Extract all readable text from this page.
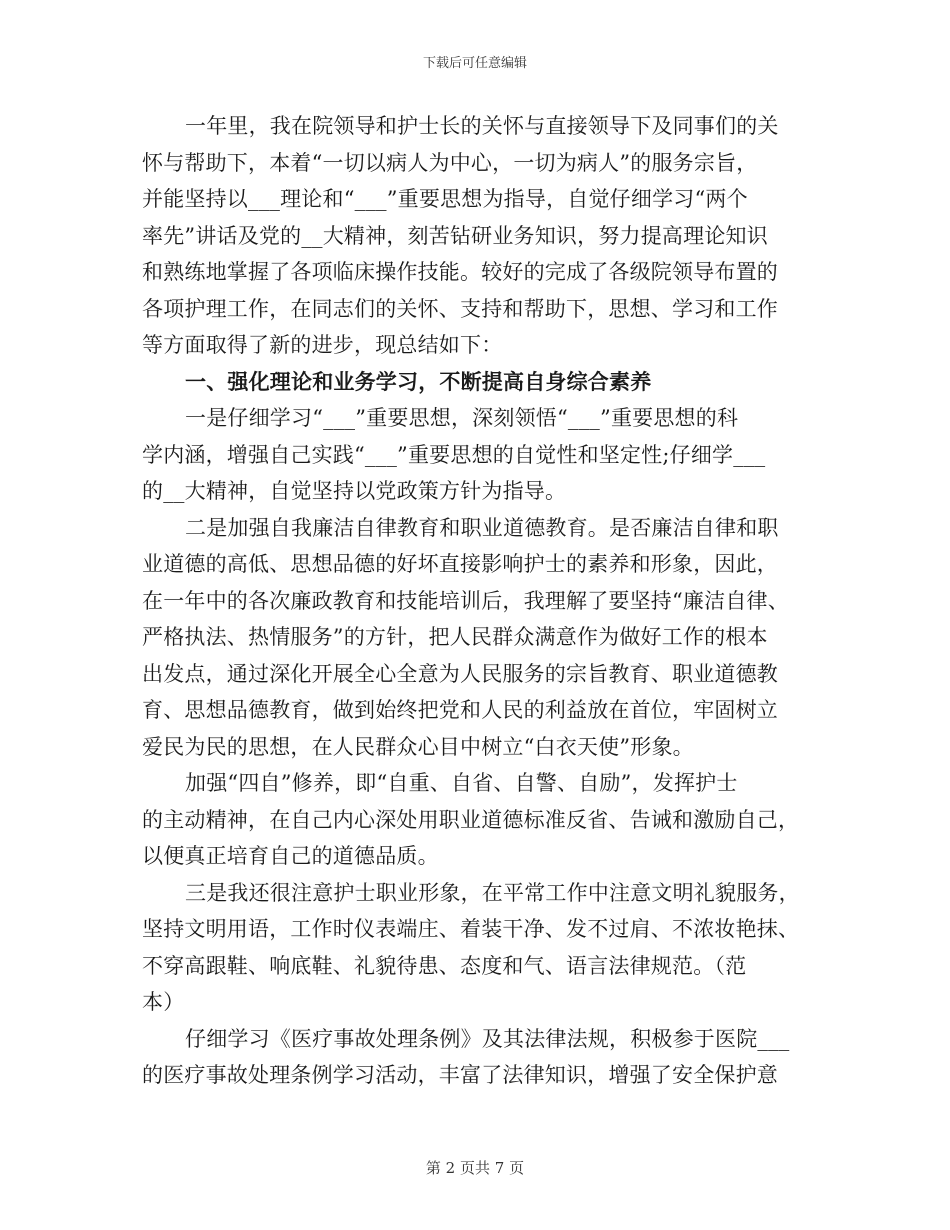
下载后可任意编辑
一年里，我在院领导和护士长的关怀与直接领导下及同事们的关
怀与帮助下，本着“一切以病人为中心，一切为病人”的服务宗旨，
并能坚持以___理论和“___”重要思想为指导，自觉仔细学习“两个
率先”讲话及党的__大精神，刻苦钻研业务知识，努力提高理论知识
和熟练地掌握了各项临床操作技能。较好的完成了各级院领导布置的
各项护理工作，在同志们的关怀、支持和帮助下，思想、学习和工作
等方面取得了新的进步，现总结如下：
一、强化理论和业务学习，不断提高自身综合素养
一是仔细学习“___”重要思想，深刻领悟“___”重要思想的科
学内涵，增强自己实践“___”重要思想的自觉性和坚定性;仔细学___
的__大精神，自觉坚持以党政策方针为指导。
二是加强自我廉洁自律教育和职业道德教育。是否廉洁自律和职
业道德的高低、思想品德的好坏直接影响护士的素养和形象，因此，
在一年中的各次廉政教育和技能培训后，我理解了要坚持“廉洁自律、
严格执法、热情服务”的方针，把人民群众满意作为做好工作的根本
出发点，通过深化开展全心全意为人民服务的宗旨教育、职业道德教
育、思想品德教育，做到始终把党和人民的利益放在首位，牢固树立
爱民为民的思想，在人民群众心目中树立“白衣天使”形象。
加强“四自”修养，即“自重、自省、自警、自励”，发挥护士
的主动精神，在自己内心深处用职业道德标准反省、告诫和激励自己，
以便真正培育自己的道德品质。
三是我还很注意护士职业形象，在平常工作中注意文明礼貌服务，
坚持文明用语，工作时仪表端庄、着装干净、发不过肩、不浓妆艳抹、
不穿高跟鞋、响底鞋、礼貌待患、态度和气、语言法律规范。（范
本）
仔细学习《医疗事故处理条例》及其法律法规，积极参于医院___
的医疗事故处理条例学习活动，丰富了法律知识，增强了安全保护意
第 2 页共 7 页
